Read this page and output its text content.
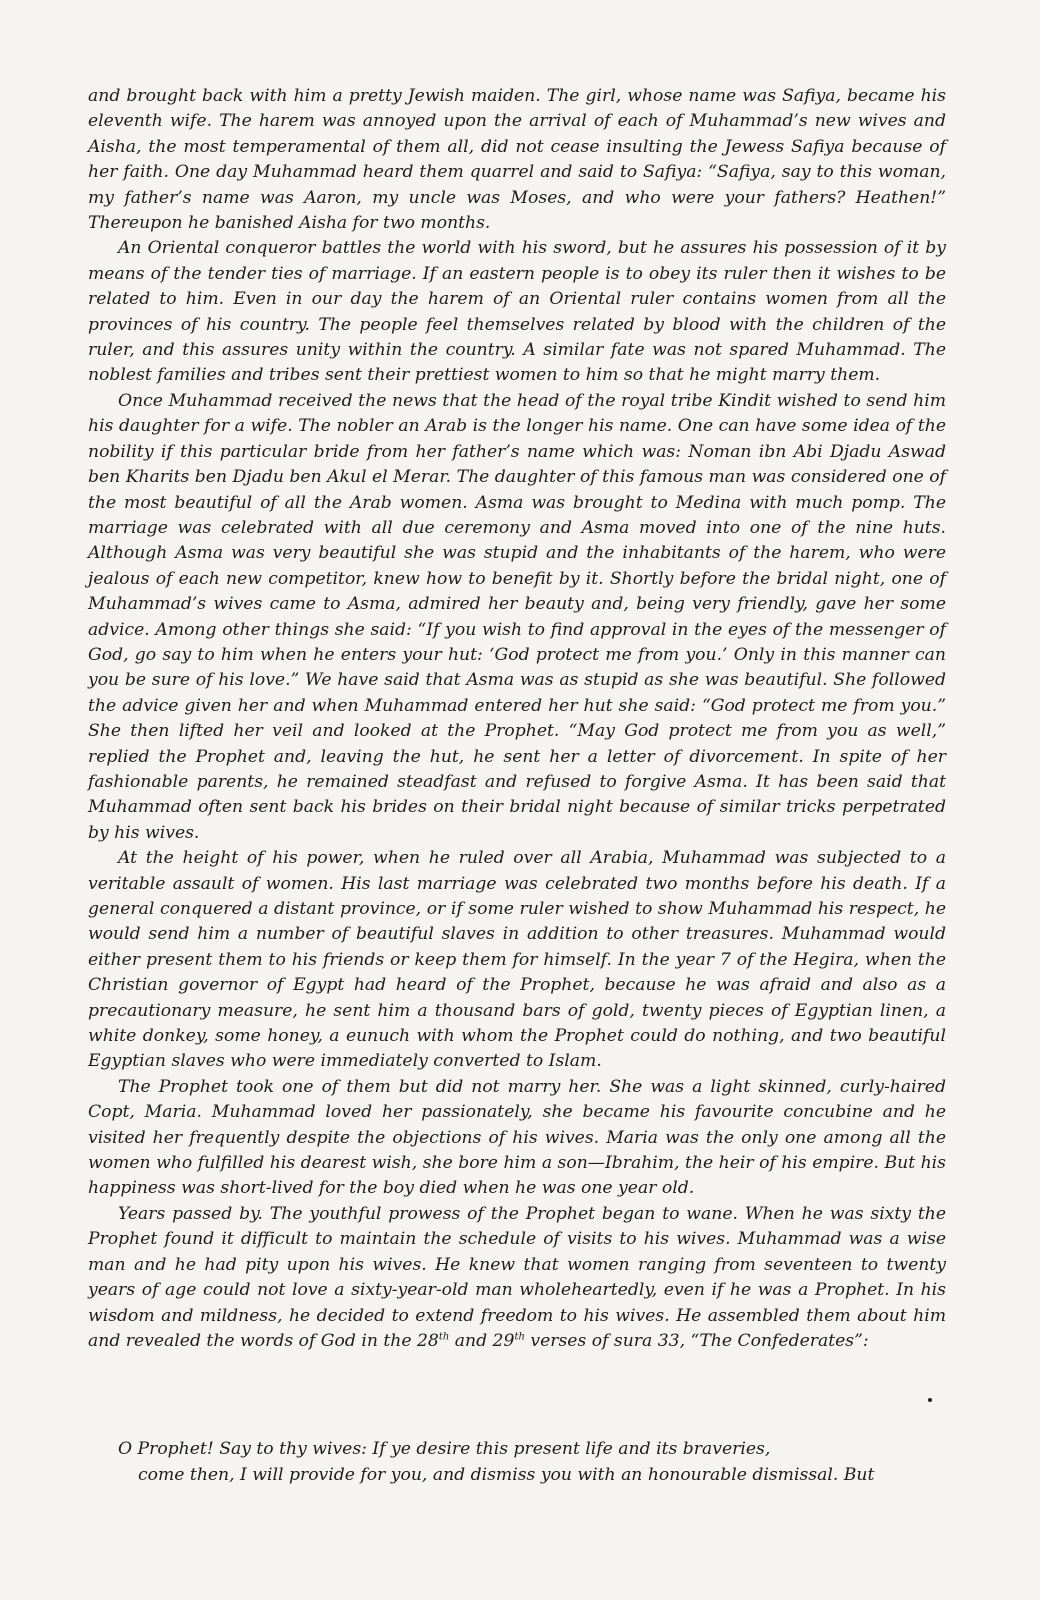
and brought back with him a pretty Jewish maiden. The girl, whose name was Safiya, became his eleventh wife. The harem was annoyed upon the arrival of each of Muhammad’s new wives and Aisha, the most temperamental of them all, did not cease insulting the Jewess Safiya because of her faith. One day Muhammad heard them quarrel and said to Safiya: “Safiya, say to this woman, my father’s name was Aaron, my uncle was Moses, and who were your fathers? Heathen!” Thereupon he banished Aisha for two months.

An Oriental conqueror battles the world with his sword, but he assures his possession of it by means of the tender ties of marriage. If an eastern people is to obey its ruler then it wishes to be related to him. Even in our day the harem of an Oriental ruler contains women from all the provinces of his country. The people feel themselves related by blood with the children of the ruler, and this assures unity within the country. A similar fate was not spared Muhammad. The noblest families and tribes sent their prettiest women to him so that he might marry them.

Once Muhammad received the news that the head of the royal tribe Kindit wished to send him his daughter for a wife. The nobler an Arab is the longer his name. One can have some idea of the nobility if this particular bride from her father’s name which was: Noman ibn Abi Djadu Aswad ben Kharits ben Djadu ben Akul el Merar. The daughter of this famous man was considered one of the most beautiful of all the Arab women. Asma was brought to Medina with much pomp. The marriage was celebrated with all due ceremony and Asma moved into one of the nine huts. Although Asma was very beautiful she was stupid and the inhabitants of the harem, who were jealous of each new competitor, knew how to benefit by it. Shortly before the bridal night, one of Muhammad’s wives came to Asma, admired her beauty and, being very friendly, gave her some advice. Among other things she said: “If you wish to find approval in the eyes of the messenger of God, go say to him when he enters your hut: ‘God protect me from you.’ Only in this manner can you be sure of his love.” We have said that Asma was as stupid as she was beautiful. She followed the advice given her and when Muhammad entered her hut she said: “God protect me from you.” She then lifted her veil and looked at the Prophet. “May God protect me from you as well,” replied the Prophet and, leaving the hut, he sent her a letter of divorcement. In spite of her fashionable parents, he remained steadfast and refused to forgive Asma. It has been said that Muhammad often sent back his brides on their bridal night because of similar tricks perpetrated by his wives.

At the height of his power, when he ruled over all Arabia, Muhammad was subjected to a veritable assault of women. His last marriage was celebrated two months before his death. If a general conquered a distant province, or if some ruler wished to show Muhammad his respect, he would send him a number of beautiful slaves in addition to other treasures. Muhammad would either present them to his friends or keep them for himself. In the year 7 of the Hegira, when the Christian governor of Egypt had heard of the Prophet, because he was afraid and also as a precautionary measure, he sent him a thousand bars of gold, twenty pieces of Egyptian linen, a white donkey, some honey, a eunuch with whom the Prophet could do nothing, and two beautiful Egyptian slaves who were immediately converted to Islam.

The Prophet took one of them but did not marry her. She was a light skinned, curly-haired Copt, Maria. Muhammad loved her passionately, she became his favourite concubine and he visited her frequently despite the objections of his wives. Maria was the only one among all the women who fulfilled his dearest wish, she bore him a son—Ibrahim, the heir of his empire. But his happiness was short-lived for the boy died when he was one year old.

Years passed by. The youthful prowess of the Prophet began to wane. When he was sixty the Prophet found it difficult to maintain the schedule of visits to his wives. Muhammad was a wise man and he had pity upon his wives. He knew that women ranging from seventeen to twenty years of age could not love a sixty-year-old man wholeheartedly, even if he was a Prophet. In his wisdom and mildness, he decided to extend freedom to his wives. He assembled them about him and revealed the words of God in the 28th and 29th verses of sura 33, “The Confederates”:

O Prophet! Say to thy wives: If ye desire this present life and its braveries,
come then, I will provide for you, and dismiss you with an honourable dismissal. But
